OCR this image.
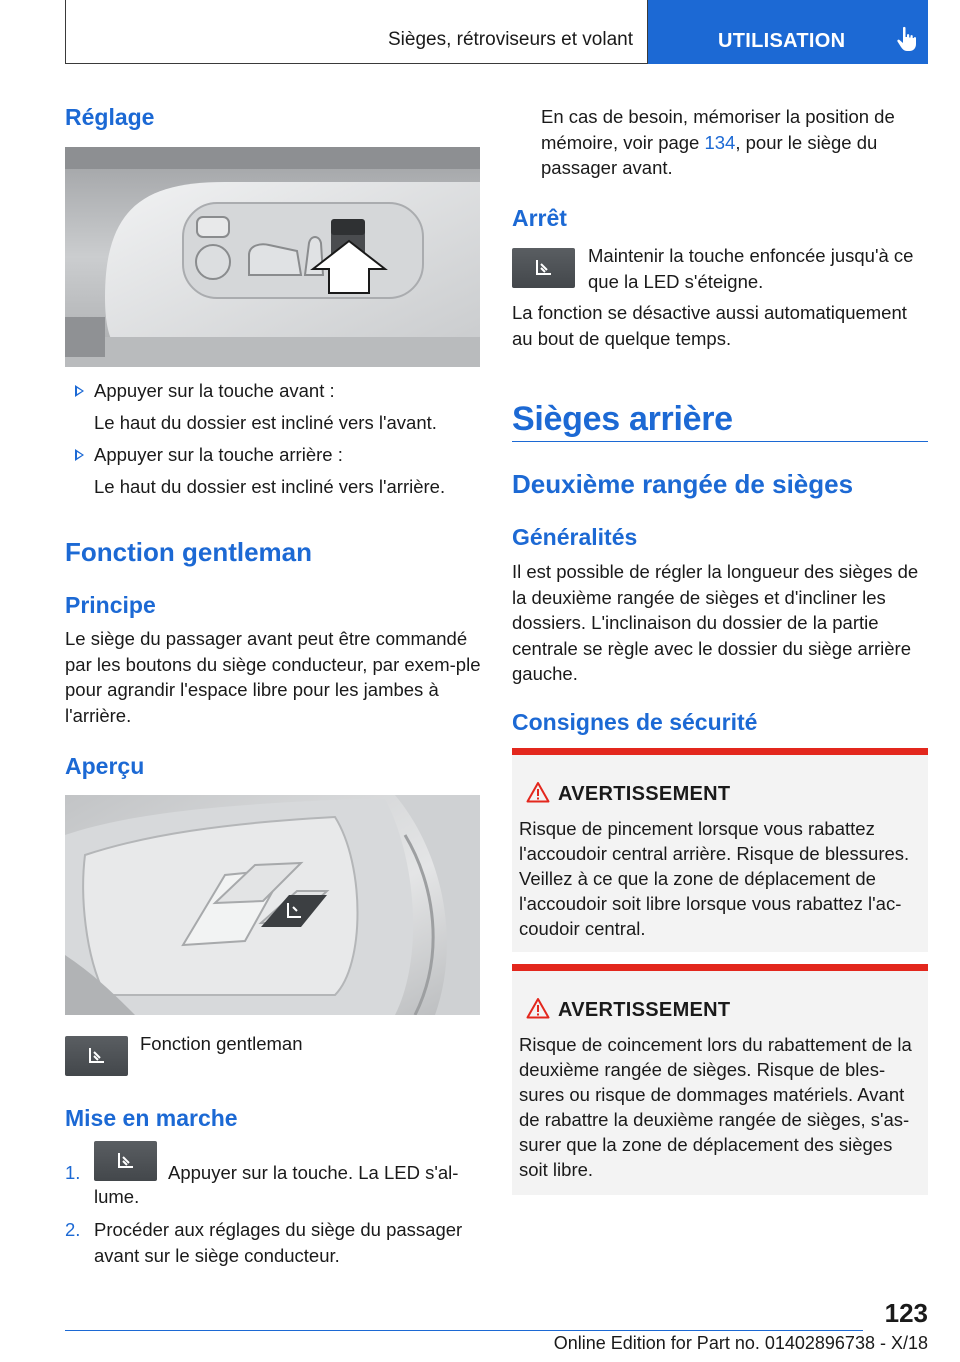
Sièges, rétroviseurs et volant	UTILISATION
Réglage
Appuyer sur la touche avant :
Le haut du dossier est incliné vers l'avant.
Appuyer sur la touche arrière :
Le haut du dossier est incliné vers l'arrière.
Fonction gentleman
Principe
Le siège du passager avant peut être commandé par les boutons du siège conducteur, par exem-ple pour agrandir l'espace libre pour les jambes à l'arrière.
Aperçu
Fonction gentleman
Mise en marche
1.	Appuyer sur la touche. La LED s'al-
lume.
2. Procéder aux réglages du siège du passager avant sur le siège conducteur.
En cas de besoin, mémoriser la position de mémoire, voir page 134, pour le siège du passager avant.
Arrêt
Maintenir la touche enfoncée jusqu'à ce que la LED s'éteigne.
La fonction se désactive aussi automatiquement au bout de quelque temps.
Sièges arrière
Deuxième rangée de sièges
Généralités
Il est possible de régler la longueur des sièges de la deuxième rangée de sièges et d'incliner les dossiers. L'inclinaison du dossier de la partie centrale se règle avec le dossier du siège arrière gauche.
Consignes de sécurité
AVERTISSEMENT
Risque de pincement lorsque vous rabattez l'accoudoir central arrière. Risque de blessures. Veillez à ce que la zone de déplacement de l'accoudoir soit libre lorsque vous rabattez l'ac-coudoir central.
AVERTISSEMENT
Risque de coincement lors du rabattement de la deuxième rangée de sièges. Risque de bles-sures ou risque de dommages matériels. Avant de rabattre la deuxième rangée de sièges, s'as-surer que la zone de déplacement des sièges soit libre.
123
Online Edition for Part no. 01402896738 - X/18
